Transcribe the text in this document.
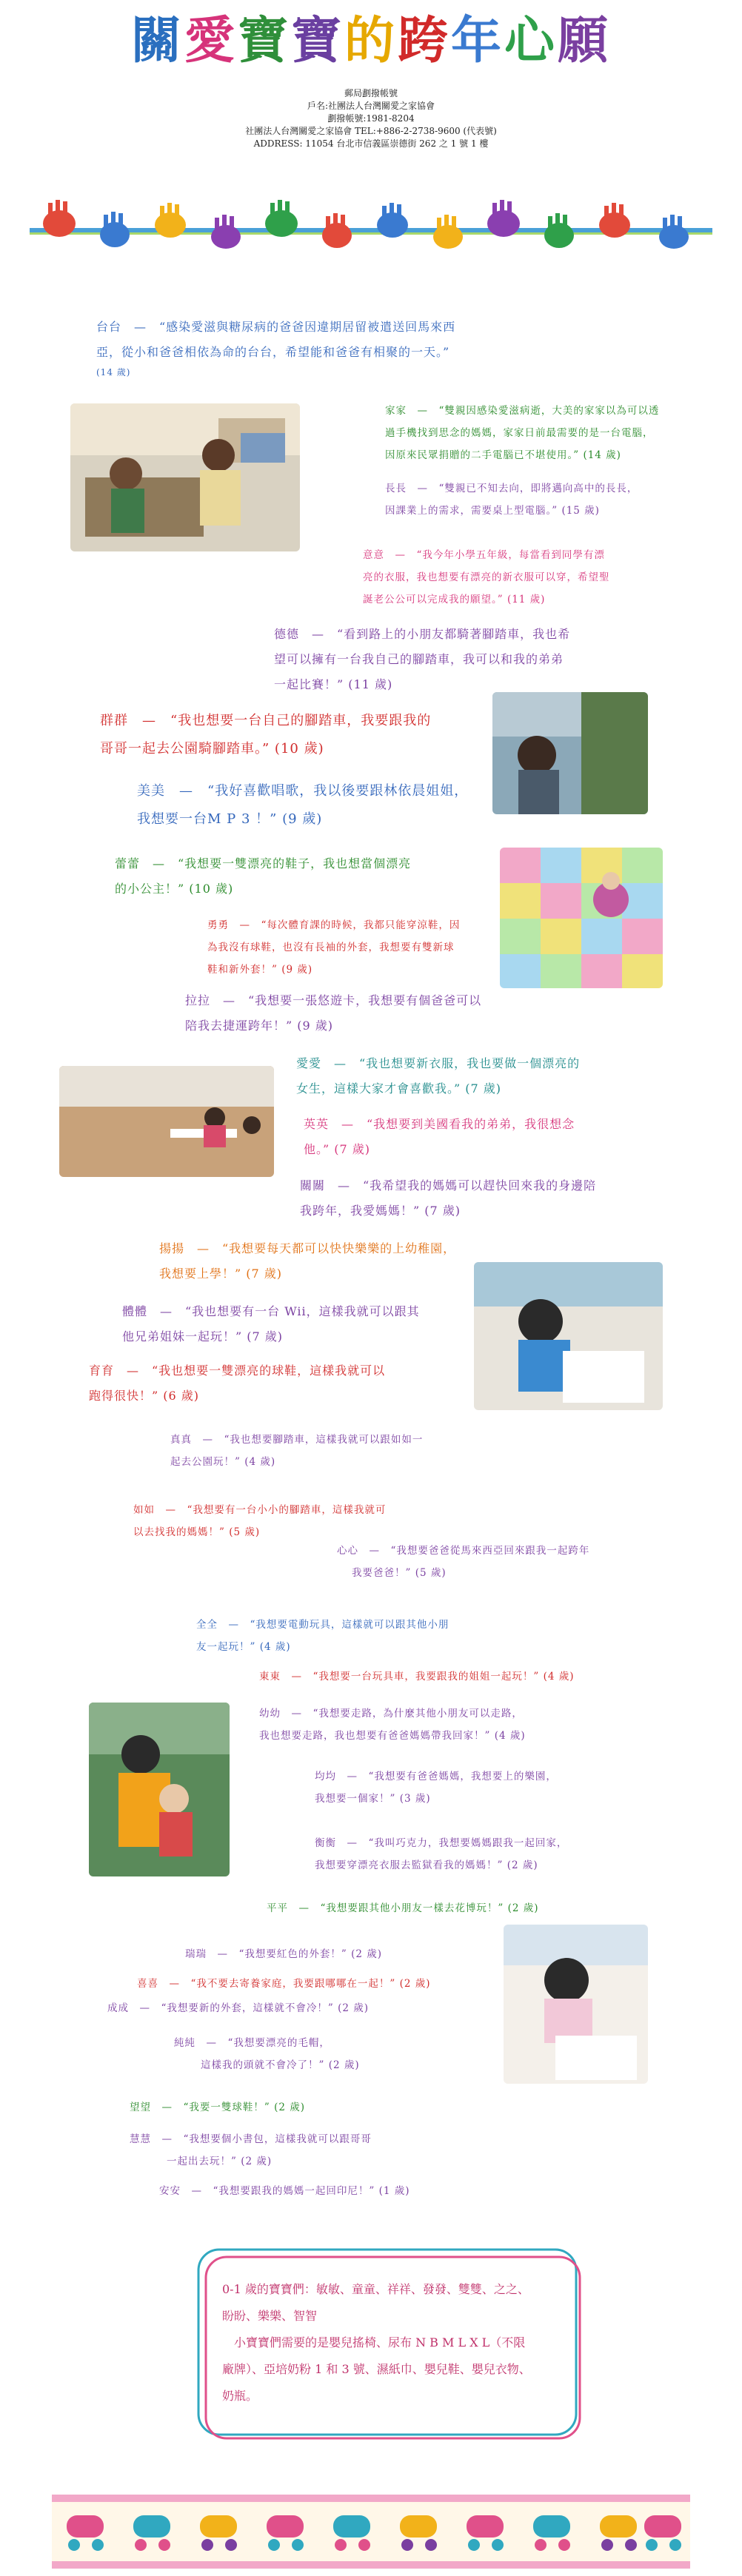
關愛寶寶的跨年心願
郵局劃撥帳號
戶名:社團法人台灣關愛之家協會
劃撥帳號:1981-8204
社團法人台灣關愛之家協會 TEL:+886-2-2738-9600 (代表號)
ADDRESS: 11054 台北市信義區崇德街 262 之 1 號 1 樓
台台　—　“感染愛滋與糖尿病的爸爸因違期居留被遣送回馬來西
亞，從小和爸爸相依為命的台台，希望能和爸爸有相聚的一天。”
(14 歲)
家家　—　“雙親因感染愛滋病逝，大美的家家以為可以透
過手機找到思念的媽媽，家家日前最需要的是一台電腦，
因原來民眾捐贈的二手電腦已不堪使用。” (14 歲)
長長　—　“雙親已不知去向，即將邁向高中的長長，
因課業上的需求，需要桌上型電腦。” (15 歲)
意意　—　“我今年小學五年級，每當看到同學有漂
亮的衣服，我也想要有漂亮的新衣服可以穿，希望聖
誕老公公可以完成我的願望。” (11 歲)
德德　—　“看到路上的小朋友都騎著腳踏車，我也希
望可以擁有一台我自己的腳踏車，我可以和我的弟弟
一起比賽！” (11 歲)
群群　—　“我也想要一台自己的腳踏車，我要跟我的
哥哥一起去公園騎腳踏車。” (10 歲)
美美　—　“我好喜歡唱歌，我以後要跟林依晨姐姐，
我想要一台M P 3 ！” (9 歲)
蕾蕾　—　“我想要一雙漂亮的鞋子，我也想當個漂亮
的小公主！” (10 歲)
勇勇　—　“每次體育課的時候，我都只能穿涼鞋，因
為我沒有球鞋，也沒有長袖的外套，我想要有雙新球
鞋和新外套！” (9 歲)
拉拉　—　“我想要一張悠遊卡，我想要有個爸爸可以
陪我去捷運跨年！” (9 歲)
愛愛　—　“我也想要新衣服，我也要做一個漂亮的
女生，這樣大家才會喜歡我。” (7 歲)
英英　—　“我想要到美國看我的弟弟，我很想念
他。” (7 歲)
關關　—　“我希望我的媽媽可以趕快回來我的身邊陪
我跨年，我愛媽媽！” (7 歲)
揚揚　—　“我想要每天都可以快快樂樂的上幼稚園，
我想要上學！” (7 歲)
體體　—　“我也想要有一台 Wii，這樣我就可以跟其
他兄弟姐妹一起玩！” (7 歲)
育育　—　“我也想要一雙漂亮的球鞋，這樣我就可以
跑得很快！” (6 歲)
真真　—　“我也想要腳踏車，這樣我就可以跟如如一
起去公園玩！” (4 歲)
如如　—　“我想要有一台小小的腳踏車，這樣我就可
以去找我的媽媽！” (5 歲)
心心　—　“我想要爸爸從馬來西亞回來跟我一起跨年
我要爸爸！” (5 歲)
全全　—　“我想要電動玩具，這樣就可以跟其他小朋
友一起玩！” (4 歲)
東東　—　“我想要一台玩具車，我要跟我的姐姐一起玩！” (4 歲)
幼幼　—　“我想要走路，為什麼其他小朋友可以走路，
我也想要走路，我也想要有爸爸媽媽帶我回家！” (4 歲)
均均　—　“我想要有爸爸媽媽，我想要上的樂園，
我想要一個家！” (3 歲)
衡衡　—　“我叫巧克力，我想要媽媽跟我一起回家，
我想要穿漂亮衣服去監獄看我的媽媽！” (2 歲)
平平　—　“我想要跟其他小朋友一樣去花博玩！” (2 歲)
瑞瑞　—　“我想要紅色的外套！” (2 歲)
喜喜　—　“我不要去寄養家庭，我要跟哪哪在一起！” (2 歲)
成成　—　“我想要新的外套，這樣就不會冷！” (2 歲)
純純　—　“我想要漂亮的毛帽，
這樣我的頭就不會冷了！” (2 歲)
望望　—　“我要一雙球鞋！” (2 歲)
慧慧　—　“我想要個小書包，這樣我就可以跟哥哥
一起出去玩！” (2 歲)
安安　—　“我想要跟我的媽媽一起回印尼！” (1 歲)
0-1 歲的寶寶們：敏敏、童童、祥祥、發發、雙雙、之之、
盼盼、樂樂、智智
　小寶寶們需要的是嬰兒搖椅、尿布 N B M L X L（不限
廠牌）、亞培奶粉 1 和 3 號、濕紙巾、嬰兒鞋、嬰兒衣物、
奶瓶。
